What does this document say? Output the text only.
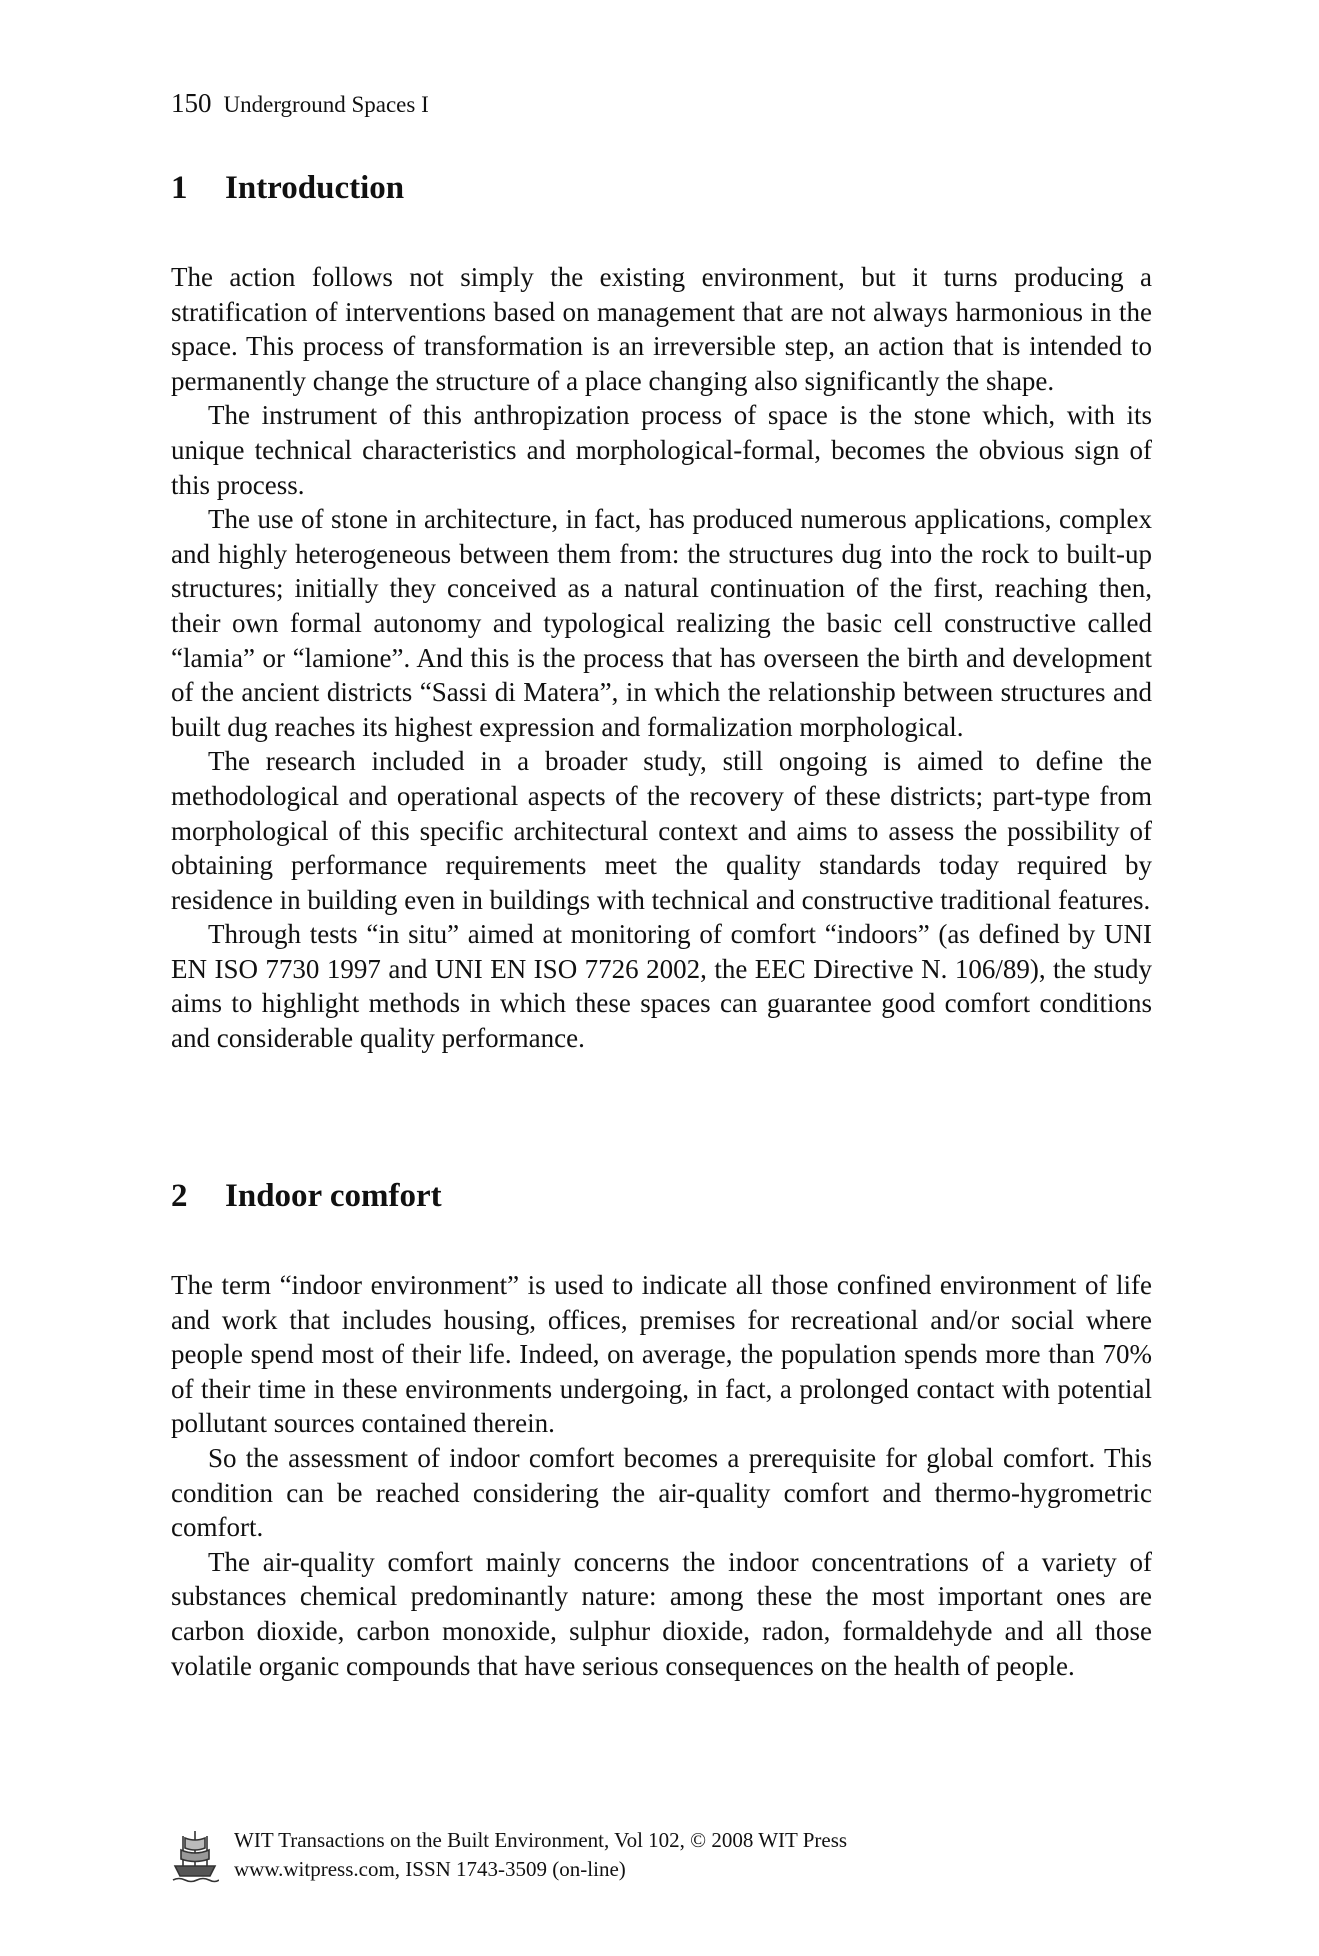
150 Underground Spaces I
1 Introduction

The action follows not simply the existing environment, but it turns producing a stratification of interventions based on management that are not always harmonious in the space. This process of transformation is an irreversible step, an action that is intended to permanently change the structure of a place changing also significantly the shape.

The instrument of this anthropization process of space is the stone which, with its unique technical characteristics and morphological-formal, becomes the obvious sign of this process.

The use of stone in architecture, in fact, has produced numerous applications, complex and highly heterogeneous between them from: the structures dug into the rock to built-up structures; initially they conceived as a natural continuation of the first, reaching then, their own formal autonomy and typological realizing the basic cell constructive called “lamia” or “lamione”. And this is the process that has overseen the birth and development of the ancient districts “Sassi di Matera”, in which the relationship between structures and built dug reaches its highest expression and formalization morphological.

The research included in a broader study, still ongoing is aimed to define the methodological and operational aspects of the recovery of these districts; part-type from morphological of this specific architectural context and aims to assess the possibility of obtaining performance requirements meet the quality standards today required by residence in building even in buildings with technical and constructive traditional features.

Through tests “in situ” aimed at monitoring of comfort “indoors” (as defined by UNI EN ISO 7730 1997 and UNI EN ISO 7726 2002, the EEC Directive N. 106/89), the study aims to highlight methods in which these spaces can guarantee good comfort conditions and considerable quality performance.

2 Indoor comfort

The term “indoor environment” is used to indicate all those confined environment of life and work that includes housing, offices, premises for recreational and/or social where people spend most of their life. Indeed, on average, the population spends more than 70% of their time in these environments undergoing, in fact, a prolonged contact with potential pollutant sources contained therein.

So the assessment of indoor comfort becomes a prerequisite for global comfort. This condition can be reached considering the air-quality comfort and thermo-hygrometric comfort.

The air-quality comfort mainly concerns the indoor concentrations of a variety of substances chemical predominantly nature: among these the most important ones are carbon dioxide, carbon monoxide, sulphur dioxide, radon, formaldehyde and all those volatile organic compounds that have serious consequences on the health of people.

WIT Transactions on the Built Environment, Vol 102, © 2008 WIT Press
www.witpress.com, ISSN 1743-3509 (on-line)
